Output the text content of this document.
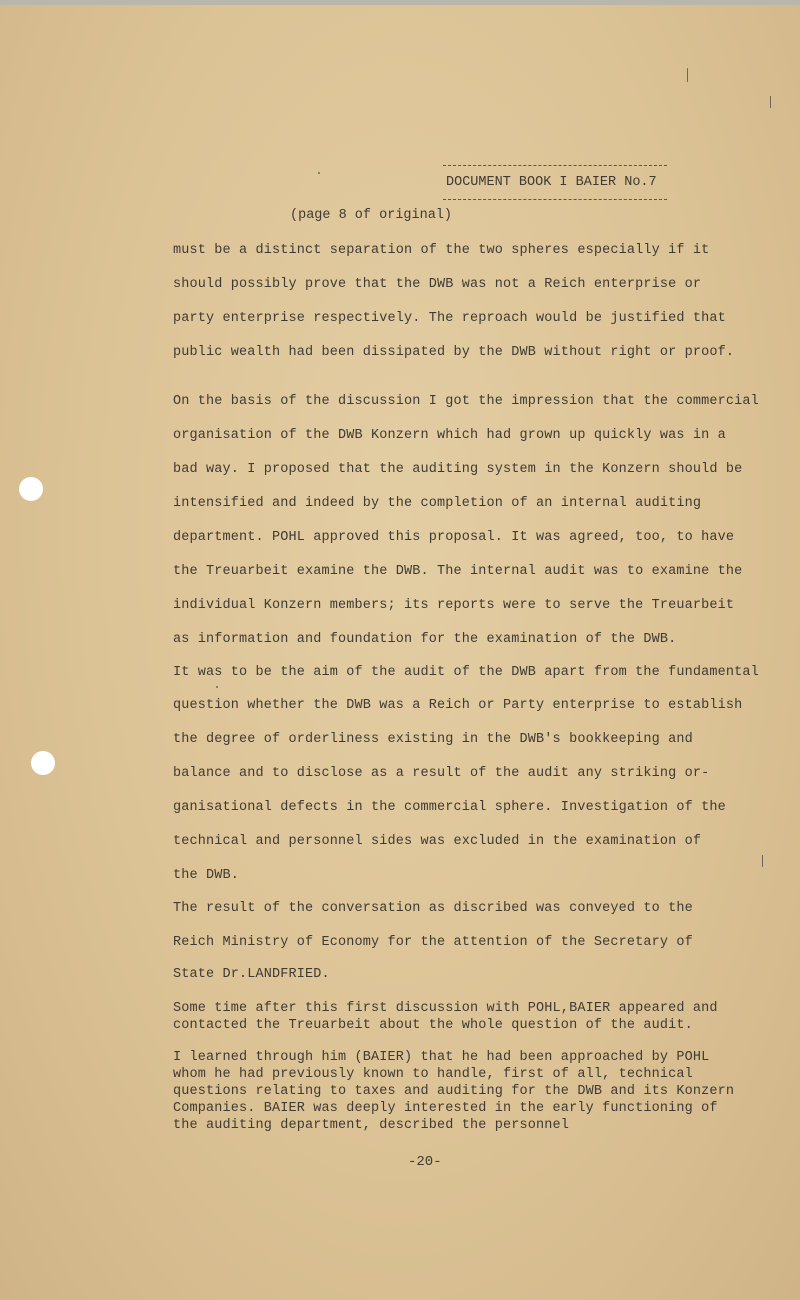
DOCUMENT BOOK I BAIER No.7
(page 8 of original)
must be a distinct separation of the two spheres especially if it
should possibly prove that the DWB was not a Reich enterprise or
party enterprise respectively. The reproach would be justified that
public wealth had been dissipated by the DWB without right or proof.
On the basis of the discussion I got the impression that the commercial
organisation of the DWB Konzern which had grown up quickly was in a
bad way. I proposed that the auditing system in the Konzern should be
intensified and indeed by the completion of an internal auditing
department. POHL approved this proposal. It was agreed, too, to have
the Treuarbeit examine the DWB. The internal audit was to examine the
individual Konzern members; its reports were to serve the Treuarbeit
as information and foundation for the examination of the DWB.
It was to be the aim of the audit of the DWB apart from the fundamental
question whether the DWB was a Reich or Party enterprise to establish
the degree of orderliness existing in the DWB's bookkeeping and
balance and to disclose as a result of the audit any striking or-
ganisational defects in the commercial sphere. Investigation of the
technical and personnel sides was excluded in the examination of
the DWB.
The result of the conversation as discribed was conveyed to the
Reich Ministry of Economy for the attention of the Secretary of
State Dr.LANDFRIED.
Some time after this first discussion with POHL,BAIER appeared and
contacted the Treuarbeit about the whole question of the audit.
I learned through him (BAIER) that he had been approached by POHL
whom he had previously known to handle, first of all, technical
questions relating to taxes and auditing for the DWB and its Konzern
Companies. BAIER was deeply interested in the early functioning of
the auditing department, described the personnel
-20-
